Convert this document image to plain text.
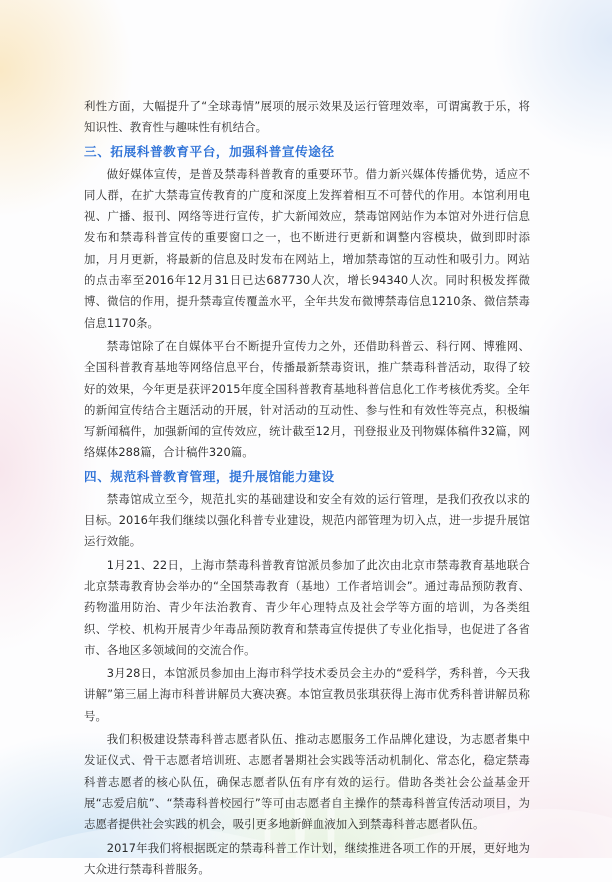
利性方面，大幅提升了“全球毒情”展项的展示效果及运行管理效率，可谓寓教于乐，将知识性、教育性与趣味性有机结合。

三、拓展科普教育平台，加强科普宣传途径

做好媒体宣传，是普及禁毒科普教育的重要环节。借力新兴媒体传播优势，适应不同人群，在扩大禁毒宣传教育的广度和深度上发挥着相互不可替代的作用。本馆利用电视、广播、报刊、网络等进行宣传，扩大新闻效应，禁毒馆网站作为本馆对外进行信息发布和禁毒科普宣传的重要窗口之一，也不断进行更新和调整内容模块，做到即时添加，月月更新，将最新的信息及时发布在网站上，增加禁毒馆的互动性和吸引力。网站的点击率至2016年12月31日已达687730人次，增长94340人次。同时积极发挥微博、微信的作用，提升禁毒宣传覆盖水平，全年共发布微博禁毒信息1210条、微信禁毒信息1170条。

禁毒馆除了在自媒体平台不断提升宣传力之外，还借助科普云、科行网、博雅网、全国科普教育基地等网络信息平台，传播最新禁毒资讯，推广禁毒科普活动，取得了较好的效果，今年更是获评2015年度全国科普教育基地科普信息化工作考核优秀奖。全年的新闻宣传结合主题活动的开展，针对活动的互动性、参与性和有效性等亮点，积极编写新闻稿件，加强新闻的宣传效应，统计截至12月，刊登报业及刊物媒体稿件32篇，网络媒体288篇，合计稿件320篇。

四、规范科普教育管理，提升展馆能力建设

禁毒馆成立至今，规范扎实的基础建设和安全有效的运行管理，是我们孜孜以求的目标。2016年我们继续以强化科普专业建设，规范内部管理为切入点，进一步提升展馆运行效能。

1月21、22日，上海市禁毒科普教育馆派员参加了此次由北京市禁毒教育基地联合北京禁毒教育协会举办的“全国禁毒教育（基地）工作者培训会”。通过毒品预防教育、药物滥用防治、青少年法治教育、青少年心理特点及社会学等方面的培训，为各类组织、学校、机构开展青少年毒品预防教育和禁毒宣传提供了专业化指导，也促进了各省市、各地区多领域间的交流合作。

3月28日，本馆派员参加由上海市科学技术委员会主办的“爱科学，秀科普，今天我讲解”第三届上海市科普讲解员大赛决赛。本馆宣教员张琪获得上海市优秀科普讲解员称号。

我们积极建设禁毒科普志愿者队伍、推动志愿服务工作品牌化建设，为志愿者集中发证仪式、骨干志愿者培训班、志愿者暑期社会实践等活动机制化、常态化，稳定禁毒科普志愿者的核心队伍，确保志愿者队伍有序有效的运行。借助各类社会公益基金开展“志爱启航”、“禁毒科普校园行”等可由志愿者自主操作的禁毒科普宣传活动项目，为志愿者提供社会实践的机会，吸引更多地新鲜血液加入到禁毒科普志愿者队伍。

2017年我们将根据既定的禁毒科普工作计划，继续推进各项工作的开展，更好地为大众进行禁毒科普服务。
